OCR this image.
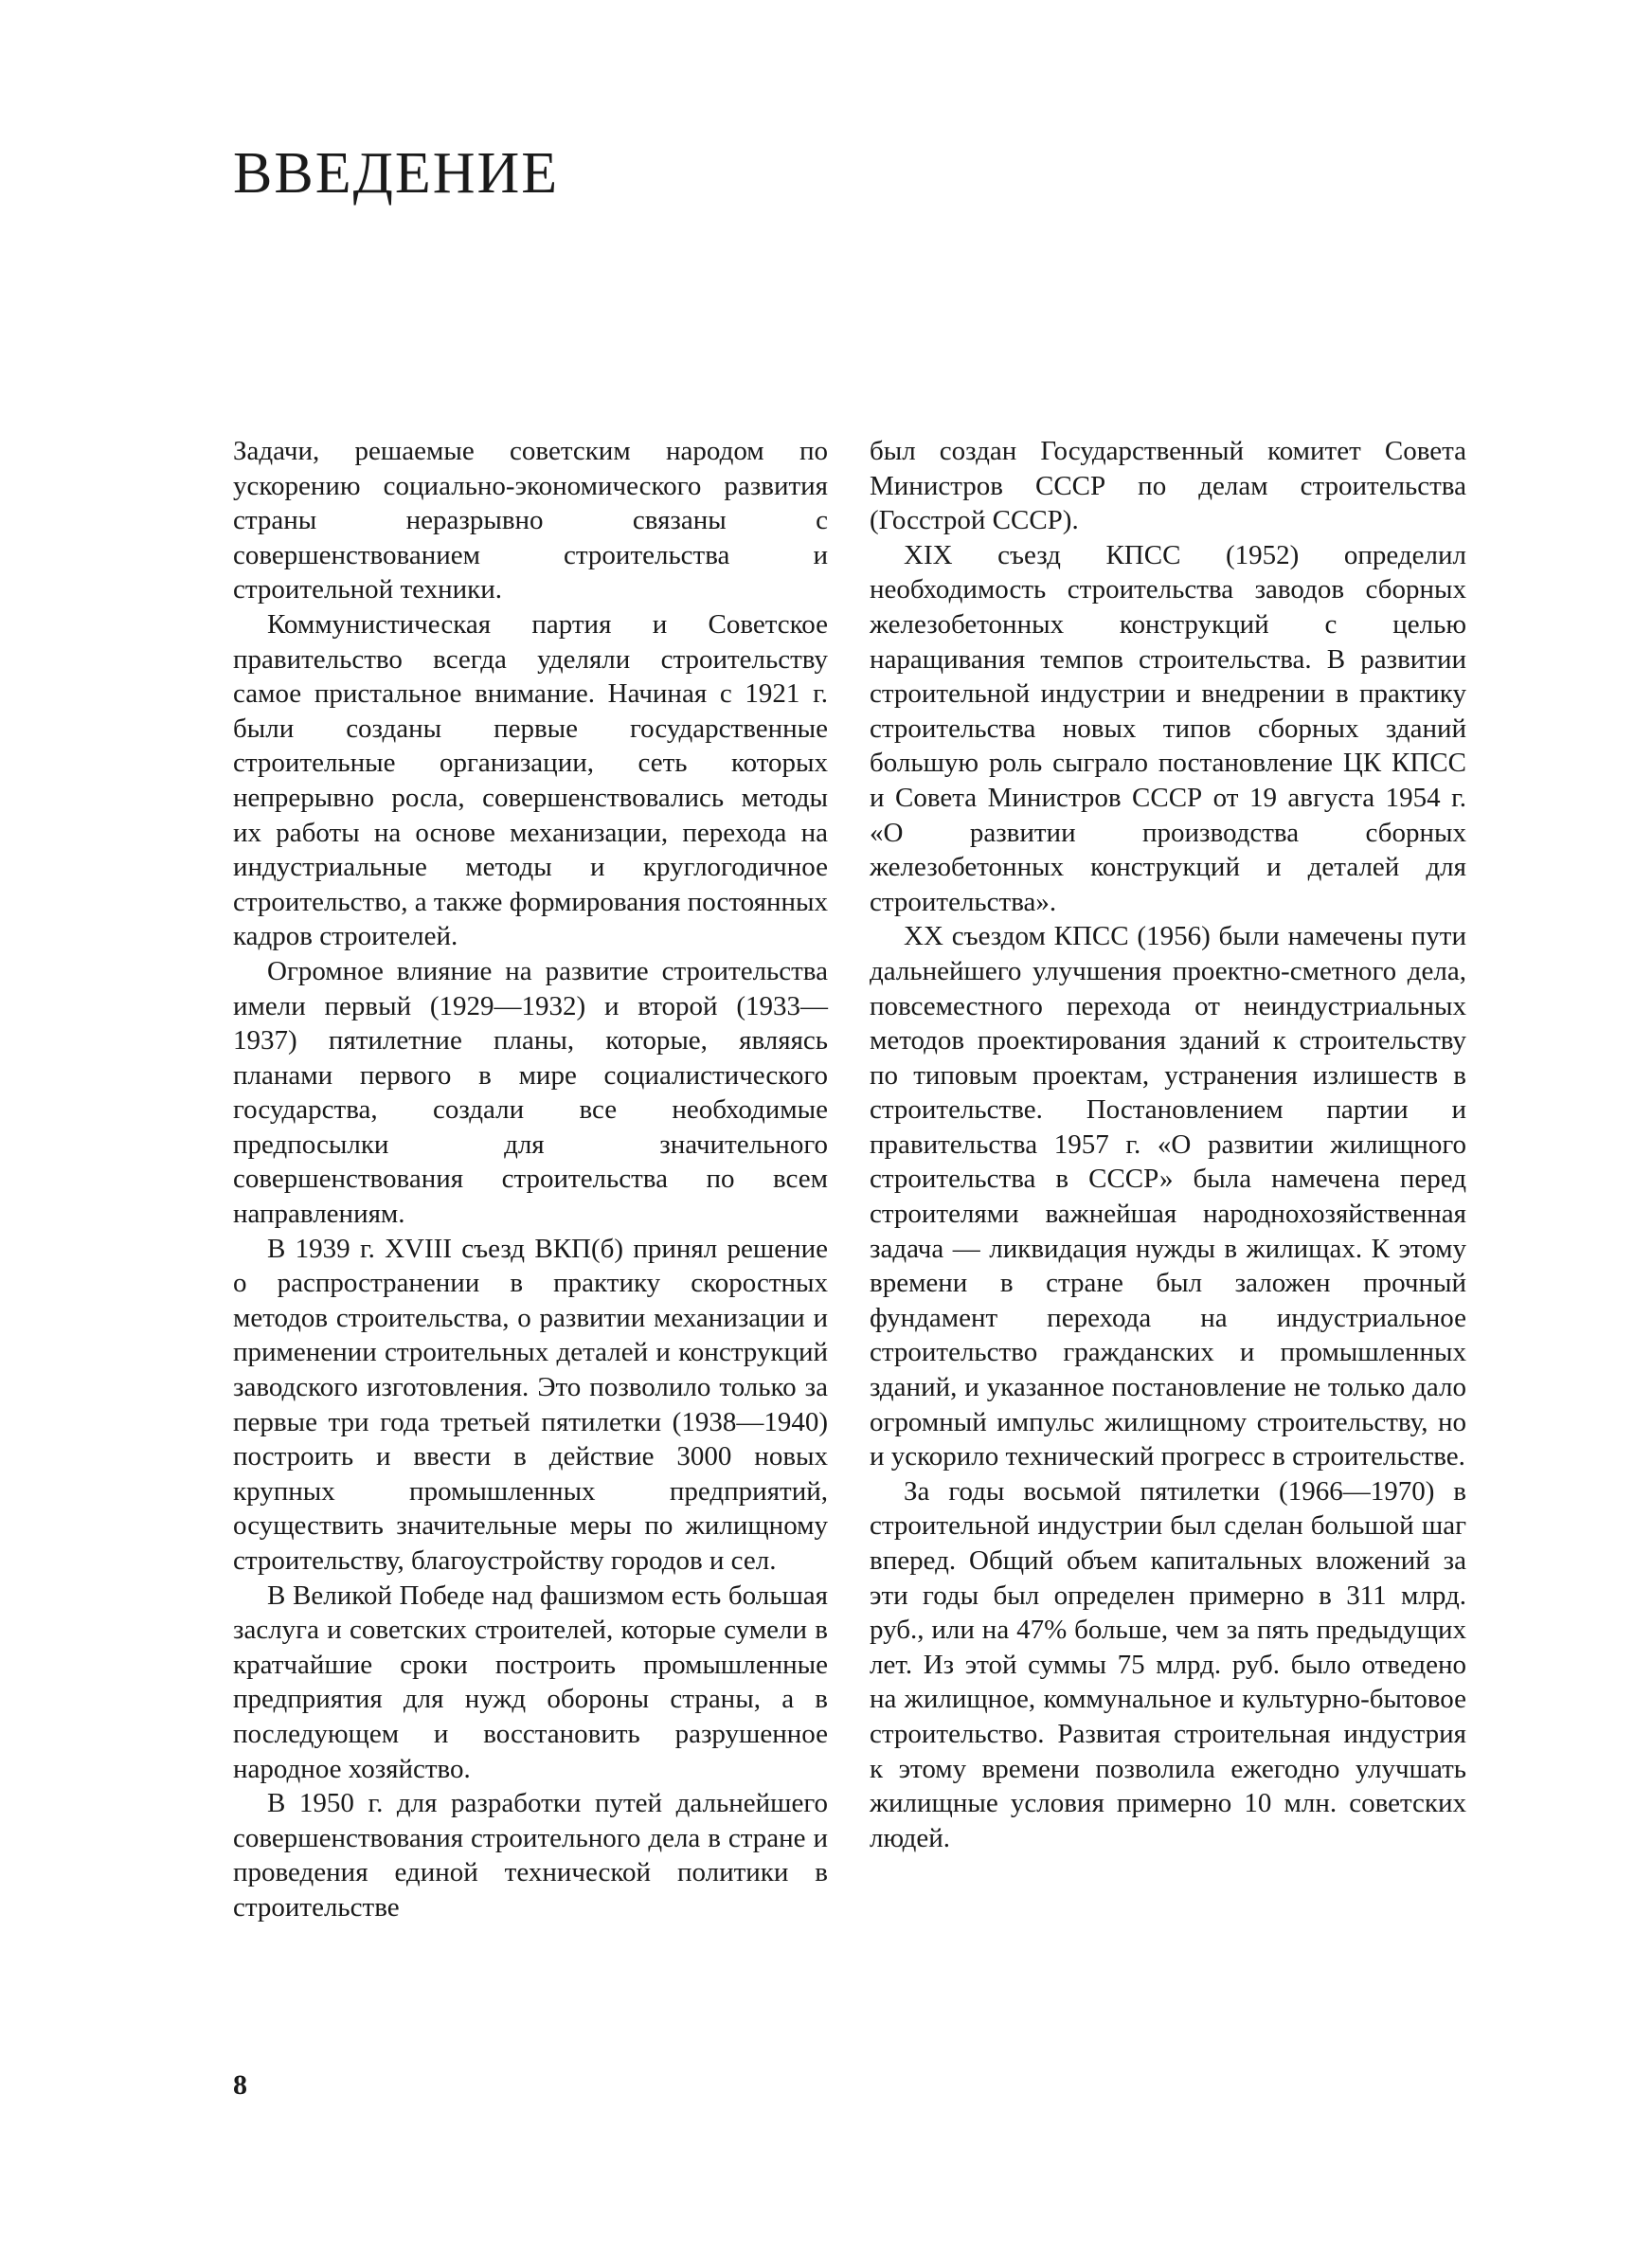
ВВЕДЕНИЕ

Задачи, решаемые советским народом по ускорению социально-экономического развития страны неразрывно связаны с совершенствованием строительства и строительной техники.

Коммунистическая партия и Советское правительство всегда уделяли строительству самое пристальное внимание. Начиная с 1921 г. были созданы первые государственные строительные организации, сеть которых непрерывно росла, совершенствовались методы их работы на основе механизации, перехода на индустриальные методы и круглогодичное строительство, а также формирования постоянных кадров строителей.

Огромное влияние на развитие строительства имели первый (1929—1932) и второй (1933—1937) пятилетние планы, которые, являясь планами первого в мире социалистического государства, создали все необходимые предпосылки для значительного совершенствования строительства по всем направлениям.

В 1939 г. XVIII съезд ВКП(б) принял решение о распространении в практику скоростных методов строительства, о развитии механизации и применении строительных деталей и конструкций заводского изготовления. Это позволило только за первые три года третьей пятилетки (1938—1940) построить и ввести в действие 3000 новых крупных промышленных предприятий, осуществить значительные меры по жилищному строительству, благоустройству городов и сел.

В Великой Победе над фашизмом есть большая заслуга и советских строителей, которые сумели в кратчайшие сроки построить промышленные предприятия для нужд обороны страны, а в последующем и восстановить разрушенное народное хозяйство.

В 1950 г. для разработки путей дальнейшего совершенствования строительного дела в стране и проведения единой технической политики в строительстве

был создан Государственный комитет Совета Министров СССР по делам строительства (Госстрой СССР).

XIX съезд КПСС (1952) определил необходимость строительства заводов сборных железобетонных конструкций с целью наращивания темпов строительства. В развитии строительной индустрии и внедрении в практику строительства новых типов сборных зданий большую роль сыграло постановление ЦК КПСС и Совета Министров СССР от 19 августа 1954 г. «О развитии производства сборных железобетонных конструкций и деталей для строительства».

XX съездом КПСС (1956) были намечены пути дальнейшего улучшения проектно-сметного дела, повсеместного перехода от неиндустриальных методов проектирования зданий к строительству по типовым проектам, устранения излишеств в строительстве. Постановлением партии и правительства 1957 г. «О развитии жилищного строительства в СССР» была намечена перед строителями важнейшая народнохозяйственная задача — ликвидация нужды в жилищах. К этому времени в стране был заложен прочный фундамент перехода на индустриальное строительство гражданских и промышленных зданий, и указанное постановление не только дало огромный импульс жилищному строительству, но и ускорило технический прогресс в строительстве.

За годы восьмой пятилетки (1966—1970) в строительной индустрии был сделан большой шаг вперед. Общий объем капитальных вложений за эти годы был определен примерно в 311 млрд. руб., или на 47% больше, чем за пять предыдущих лет. Из этой суммы 75 млрд. руб. было отведено на жилищное, коммунальное и культурно-бытовое строительство. Развитая строительная индустрия к этому времени позволила ежегодно улучшать жилищные условия примерно 10 млн. советских людей.

8
